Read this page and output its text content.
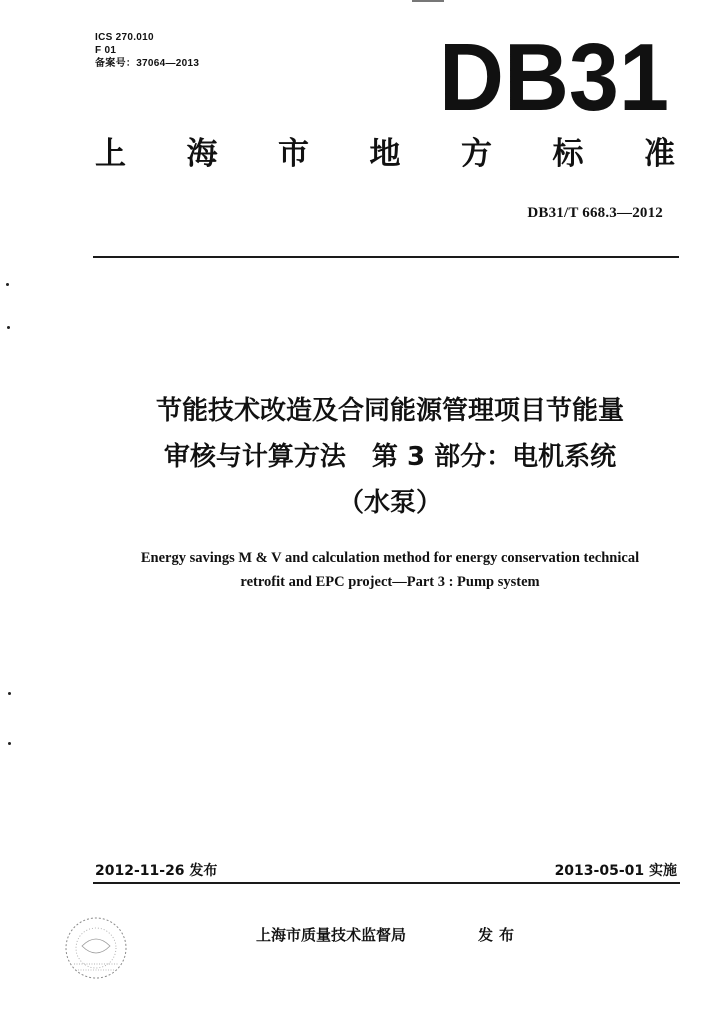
ICS 270.010
F 01
备案号：37064—2013 DB31
上 海 市 地 方 标 准
DB31/T 668.3—2012
节能技术改造及合同能源管理项目节能量
审核与计算方法　第 3 部分：电机系统
（水泵）
Energy savings M & V and calculation method for energy conservation technical
retrofit and EPC project—Part 3 : Pump system
2012-11-26 发布	2013-05-01 实施
上海市质量技术监督局	发布
